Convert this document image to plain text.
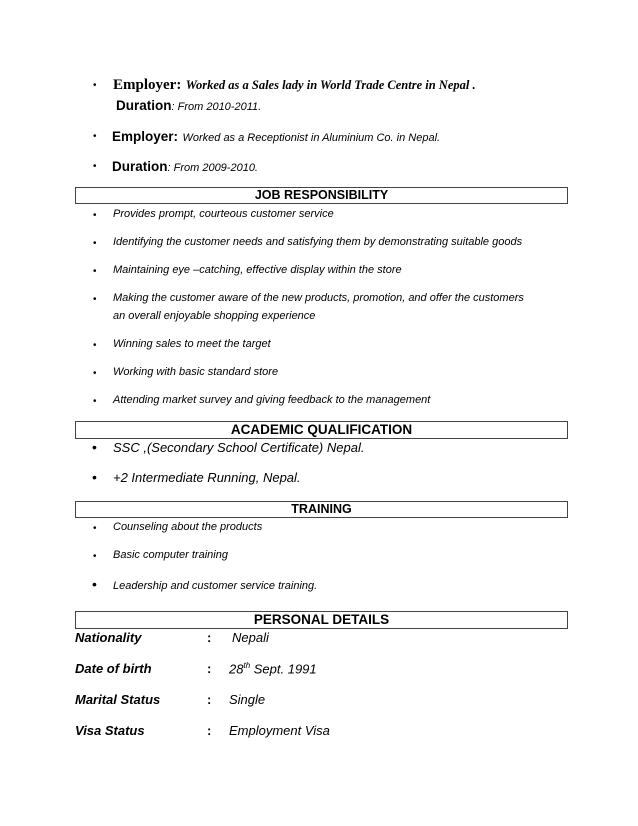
• Employer: Worked as a Sales lady in World Trade Centre in Nepal .
Duration: From 2010-2011.
• Employer: Worked as a Receptionist in Aluminium Co. in Nepal.
• Duration: From 2009-2010.
JOB RESPONSIBILITY
• Provides prompt, courteous customer service
• Identifying the customer needs and satisfying them by demonstrating suitable goods
• Maintaining eye –catching, effective display within the store
• Making the customer aware of the new products, promotion, and offer the customers
an overall enjoyable shopping experience
• Winning sales to meet the target
• Working with basic standard store
• Attending market survey and giving feedback to the management
ACADEMIC QUALIFICATION
• SSC ,(Secondary School Certificate) Nepal.
• +2 Intermediate Running, Nepal.
TRAINING
• Counseling about the products
• Basic computer training
• Leadership and customer service training.
PERSONAL DETAILS
Nationality	: Nepali
Date of birth	: 28th Sept. 1991
Marital Status	: Single
Visa Status	: Employment Visa
